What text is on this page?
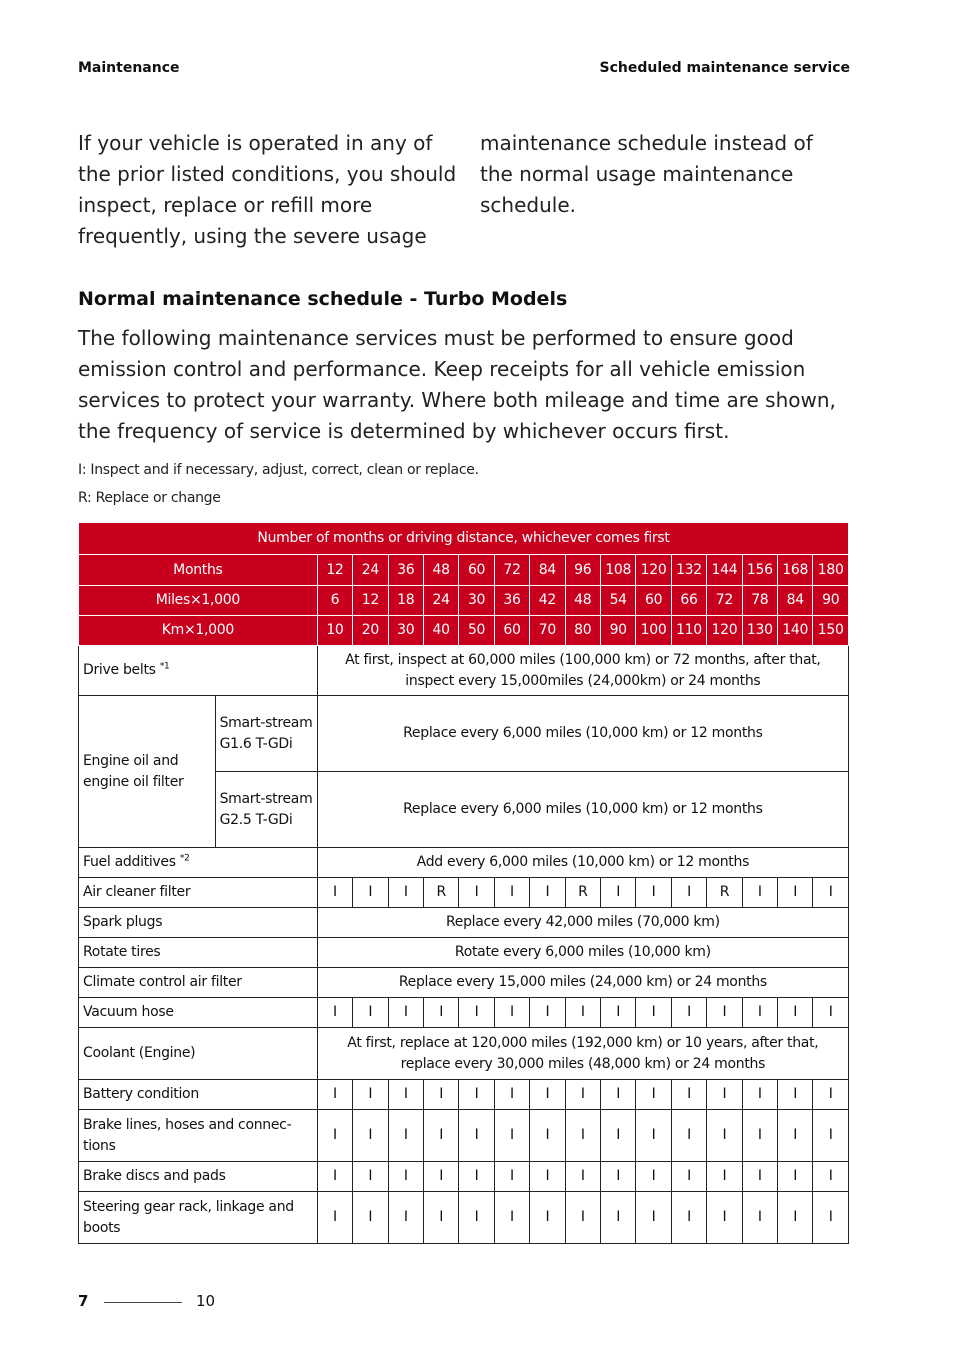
Maintenance	Scheduled maintenance service
If your vehicle is operated in any of the prior listed conditions, you should inspect, replace or refill more frequently, using the severe usage
maintenance schedule instead of the normal usage maintenance schedule.
Normal maintenance schedule - Turbo Models
The following maintenance services must be performed to ensure good emission control and performance. Keep receipts for all vehicle emission services to protect your warranty. Where both mileage and time are shown, the frequency of service is determined by whichever occurs first.
I: Inspect and if necessary, adjust, correct, clean or replace.
R: Replace or change
Number of months or driving distance, whichever comes first																
Months		12	24	36	48	60	72	84	96	108	120	132	144	156	168	180
Miles×1,000		6	12	18	24	30	36	42	48	54	60	66	72	78	84	90
Km×1,000		10	20	30	40	50	60	70	80	90	100	110	120	130	140	150
Drive belts $^{*1}$		At first, inspect at 60,000 miles (100,000 km) or 72 months, after that, inspect every 15,000miles (24,000km) or 24 months														
Engine oil and engine oil filter	Smart-stream G1.6 T-GDi	Replace every 6,000 miles (10,000 km) or 12 months														
	Smart-stream G2.5 T-GDi	Replace every 6,000 miles (10,000 km) or 12 months														
Fuel additives $^{*2}$		Add every 6,000 miles (10,000 km) or 12 months														
Air cleaner filter		I	I	I	R	I	I	I	R	I	I	I	R	I	I	I
Spark plugs		Replace every 42,000 miles (70,000 km)														
Rotate tires		Rotate every 6,000 miles (10,000 km)														
Climate control air filter		Replace every 15,000 miles (24,000 km) or 24 months														
Vacuum hose		I	I	I	I	I	I	I	I	I	I	I	I	I	I	I
Coolant (Engine)		At first, replace at 120,000 miles (192,000 km) or 10 years, after that, replace every 30,000 miles (48,000 km) or 24 months														
Battery condition		I	I	I	I	I	I	I	I	I	I	I	I	I	I	I
Brake lines, hoses and connec-tions		I	I	I	I	I	I	I	I	I	I	I	I	I	I	I
Brake discs and pads		I	I	I	I	I	I	I	I	I	I	I	I	I	I	I
Steering gear rack, linkage and boots		I	I	I	I	I	I	I	I	I	I	I	I	I	I	I
7	10
